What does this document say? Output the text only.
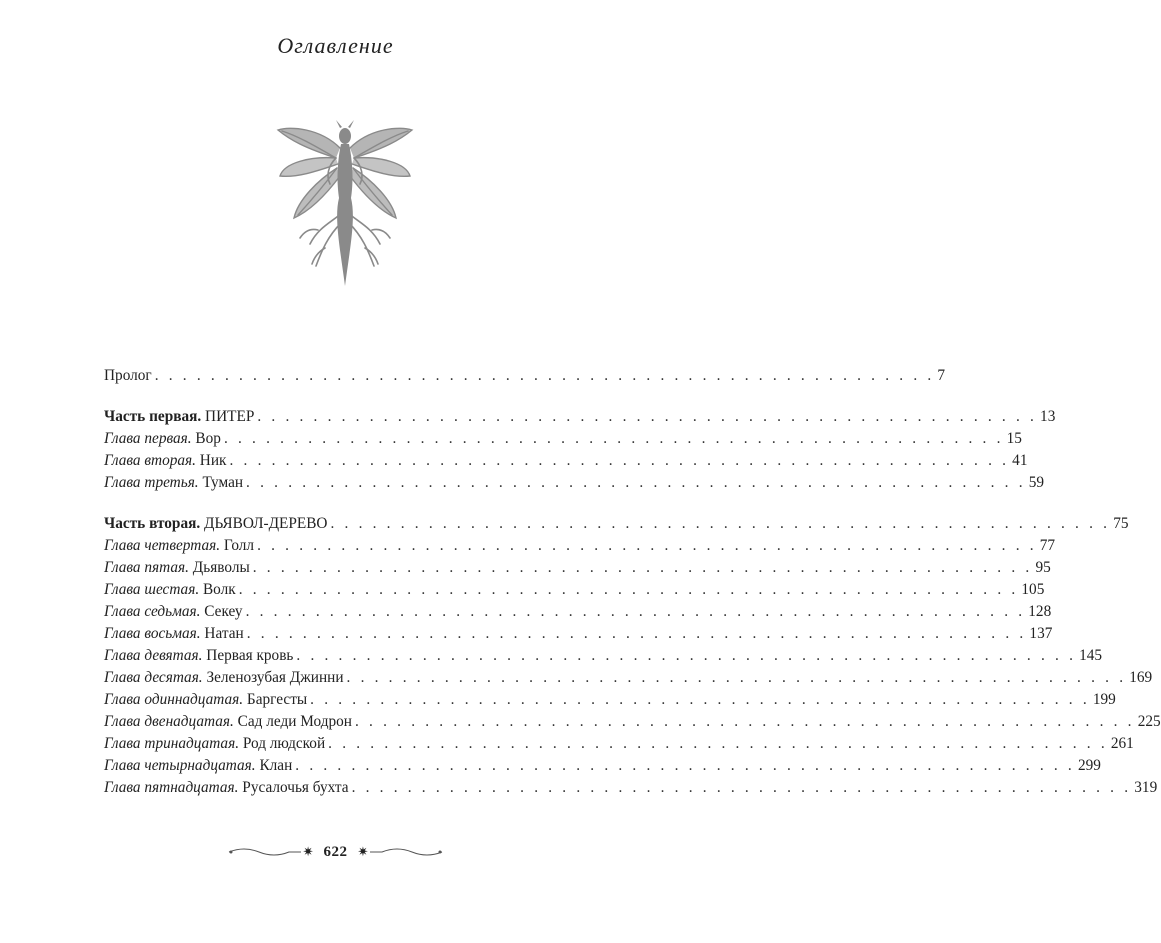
Оглавление
Пролог . . . . . . . . . . . . . . . . . . . . . . . . . . . . . . . . . . . . . . . . . . . . . . . . . . . . . . . . 7
Часть первая. ПИТЕР . . . . . . . . . . . . . . . . . . . . . . . . . . . . . . . . . . . . . . . . . . . . . . . . . . . . . . . . 13
Глава первая. Вор . . . . . . . . . . . . . . . . . . . . . . . . . . . . . . . . . . . . . . . . . . . . . . . . . . . . . . . . 15
Глава вторая. Ник . . . . . . . . . . . . . . . . . . . . . . . . . . . . . . . . . . . . . . . . . . . . . . . . . . . . . . . . 41
Глава третья. Туман . . . . . . . . . . . . . . . . . . . . . . . . . . . . . . . . . . . . . . . . . . . . . . . . . . . . . . . . 59
Часть вторая. ДЬЯВОЛ-ДЕРЕВО . . . . . . . . . . . . . . . . . . . . . . . . . . . . . . . . . . . . . . . . . . . . . . . . . . . . . . . . 75
Глава четвертая. Голл . . . . . . . . . . . . . . . . . . . . . . . . . . . . . . . . . . . . . . . . . . . . . . . . . . . . . . . . 77
Глава пятая. Дьяволы . . . . . . . . . . . . . . . . . . . . . . . . . . . . . . . . . . . . . . . . . . . . . . . . . . . . . . . . 95
Глава шестая. Волк . . . . . . . . . . . . . . . . . . . . . . . . . . . . . . . . . . . . . . . . . . . . . . . . . . . . . . . . 105
Глава седьмая. Секеу . . . . . . . . . . . . . . . . . . . . . . . . . . . . . . . . . . . . . . . . . . . . . . . . . . . . . . . . 128
Глава восьмая. Натан . . . . . . . . . . . . . . . . . . . . . . . . . . . . . . . . . . . . . . . . . . . . . . . . . . . . . . . . 137
Глава девятая. Первая кровь . . . . . . . . . . . . . . . . . . . . . . . . . . . . . . . . . . . . . . . . . . . . . . . . . . . . . . . . 145
Глава десятая. Зеленозубая Джинни . . . . . . . . . . . . . . . . . . . . . . . . . . . . . . . . . . . . . . . . . . . . . . . . . . . . . . . . 169
Глава одиннадцатая. Баргесты . . . . . . . . . . . . . . . . . . . . . . . . . . . . . . . . . . . . . . . . . . . . . . . . . . . . . . . . 199
Глава двенадцатая. Сад леди Модрон . . . . . . . . . . . . . . . . . . . . . . . . . . . . . . . . . . . . . . . . . . . . . . . . . . . . . . . . 225
Глава тринадцатая. Род людской . . . . . . . . . . . . . . . . . . . . . . . . . . . . . . . . . . . . . . . . . . . . . . . . . . . . . . . . 261
Глава четырнадцатая. Клан . . . . . . . . . . . . . . . . . . . . . . . . . . . . . . . . . . . . . . . . . . . . . . . . . . . . . . . . 299
Глава пятнадцатая. Русалочья бухта . . . . . . . . . . . . . . . . . . . . . . . . . . . . . . . . . . . . . . . . . . . . . . . . . . . . . . . . 319
✷ 622 ✷
